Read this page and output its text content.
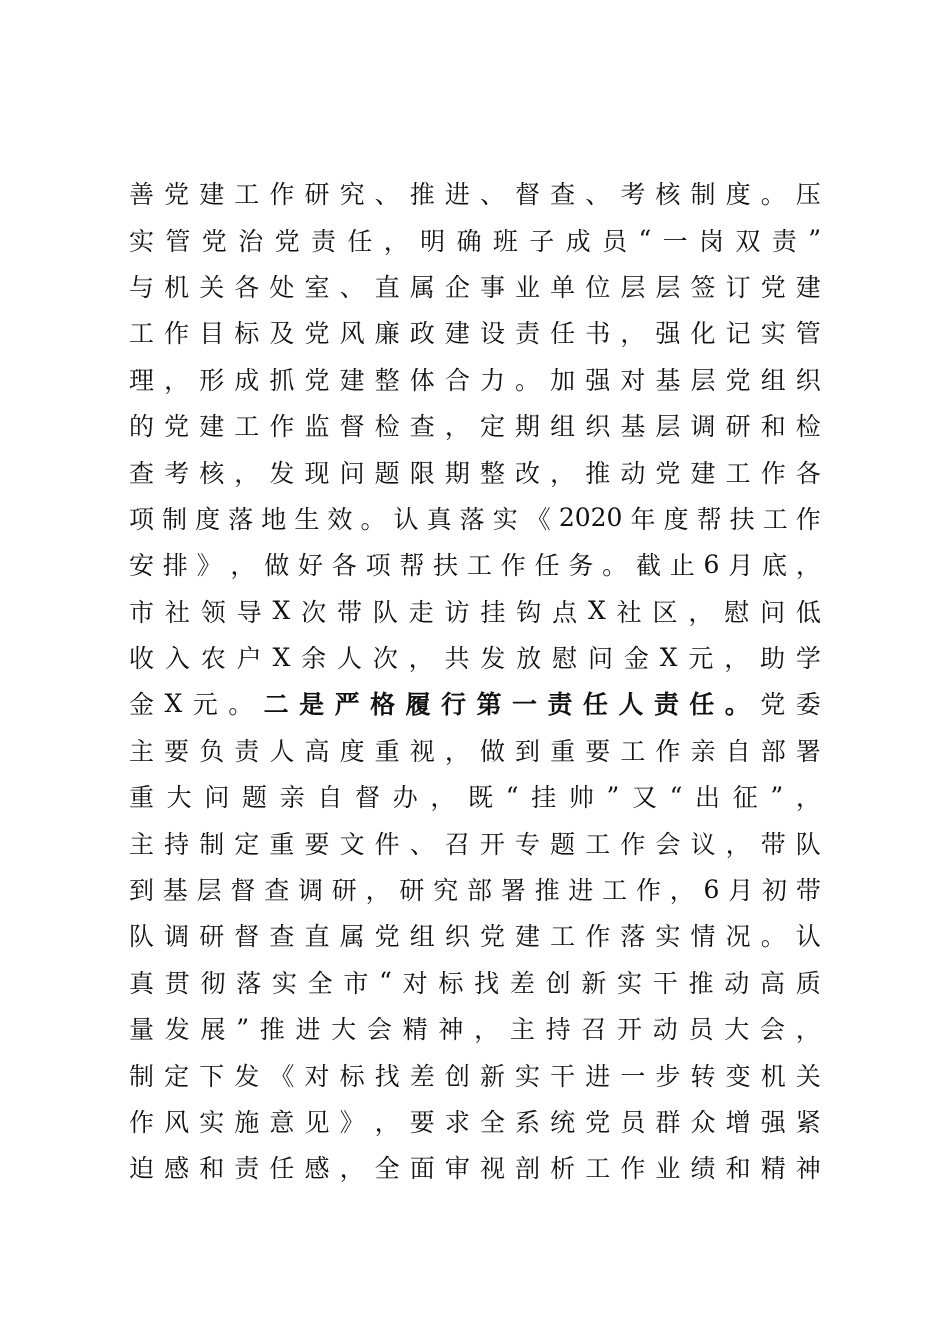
善 党 建 工 作 研 究 、 推 进 、 督 查 、 考 核 制 度 。 压
实 管 党 治 党 责 任 ， 明 确 班 子 成 员 “ 一 岗 双 责 ”
与 机 关 各 处 室 、 直 属 企 事 业 单 位 层 层 签 订 党 建
工 作 目 标 及 党 风 廉 政 建 设 责 任 书 ， 强 化 记 实 管
理 ， 形 成 抓 党 建 整 体 合 力 。 加 强 对 基 层 党 组 织
的 党 建 工 作 监 督 检 查 ， 定 期 组 织 基 层 调 研 和 检
查 考 核 ， 发 现 问 题 限 期 整 改 ， 推 动 党 建 工 作 各
项 制 度 落 地 生 效 。 认 真 落 实 《 2020 年 度 帮 扶 工 作
安 排 》 ， 做 好 各 项 帮 扶 工 作 任 务 。 截 止 6 月 底 ，
市 社 领 导 X 次 带 队 走 访 挂 钩 点 X 社 区 ， 慰 问 低
收 入 农 户 X 余 人 次 ， 共 发 放 慰 问 金 X 元 ， 助 学
金 X 元 。 二 是 严 格 履 行 第 一 责 任 人 责 任 。 党 委
主 要 负 责 人 高 度 重 视 ， 做 到 重 要 工 作 亲 自 部 署
重 大 问 题 亲 自 督 办 ， 既 “ 挂 帅 ” 又 “ 出 征 ” ，
主 持 制 定 重 要 文 件 、 召 开 专 题 工 作 会 议 ， 带 队
到 基 层 督 查 调 研 ， 研 究 部 署 推 进 工 作 ， 6 月 初 带
队 调 研 督 查 直 属 党 组 织 党 建 工 作 落 实 情 况 。 认
真 贯 彻 落 实 全 市 “ 对 标 找 差 创 新 实 干 推 动 高 质
量 发 展 ” 推 进 大 会 精 神 ， 主 持 召 开 动 员 大 会 ，
制 定 下 发 《 对 标 找 差 创 新 实 干 进 一 步 转 变 机 关
作 风 实 施 意 见 》 ， 要 求 全 系 统 党 员 群 众 增 强 紧
迫 感 和 责 任 感 ， 全 面 审 视 剖 析 工 作 业 绩 和 精 神
